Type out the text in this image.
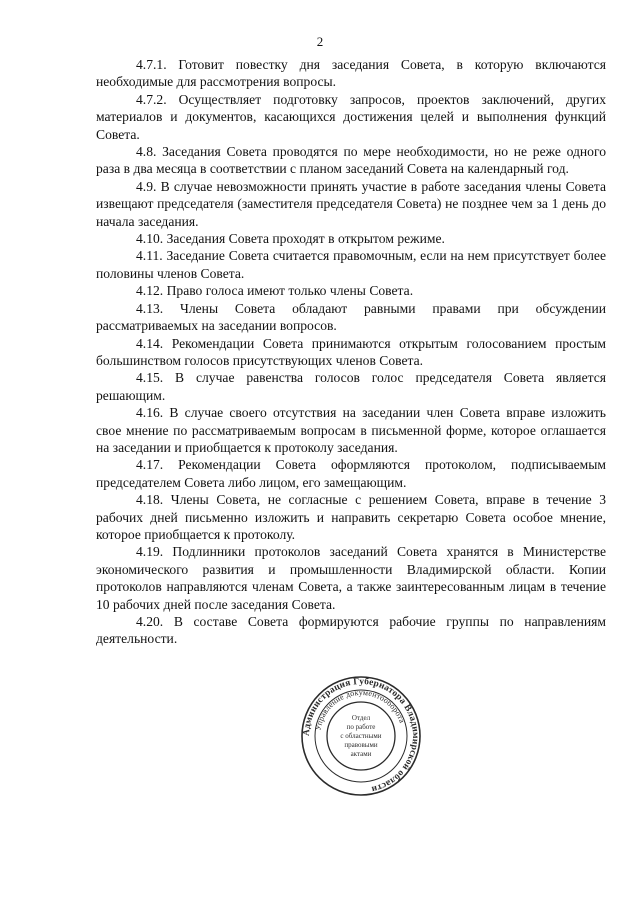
2

4.7.1. Готовит повестку дня заседания Совета, в которую включаются необходимые для рассмотрения вопросы.

4.7.2. Осуществляет подготовку запросов, проектов заключений, других материалов и документов, касающихся достижения целей и выполнения функций Совета.

4.8. Заседания Совета проводятся по мере необходимости, но не реже одного раза в два месяца в соответствии с планом заседаний Совета на календарный год.

4.9. В случае невозможности принять участие в работе заседания члены Совета извещают председателя (заместителя председателя Совета) не позднее чем за 1 день до начала заседания.

4.10. Заседания Совета проходят в открытом режиме.

4.11. Заседание Совета считается правомочным, если на нем присутствует более половины членов Совета.

4.12. Право голоса имеют только члены Совета.

4.13. Члены Совета обладают равными правами при обсуждении рассматриваемых на заседании вопросов.

4.14. Рекомендации Совета принимаются открытым голосованием простым большинством голосов присутствующих членов Совета.

4.15. В случае равенства голосов голос председателя Совета является решающим.

4.16. В случае своего отсутствия на заседании член Совета вправе изложить свое мнение по рассматриваемым вопросам в письменной форме, которое оглашается на заседании и приобщается к протоколу заседания.

4.17. Рекомендации Совета оформляются протоколом, подписываемым председателем Совета либо лицом, его замещающим.

4.18. Члены Совета, не согласные с решением Совета, вправе в течение 3 рабочих дней письменно изложить и направить секретарю Совета особое мнение, которое приобщается к протоколу.

4.19. Подлинники протоколов заседаний Совета хранятся в Министерстве экономического развития и промышленности Владимирской области. Копии протоколов направляются членам Совета, а также заинтересованным лицам в течение 10 рабочих дней после заседания Совета.

4.20. В составе Совета формируются рабочие группы по направлениям деятельности.

Администрация Губернатора Владимирской области
Управление документооборота
Отдел
по работе
с областными
правовыми
актами
